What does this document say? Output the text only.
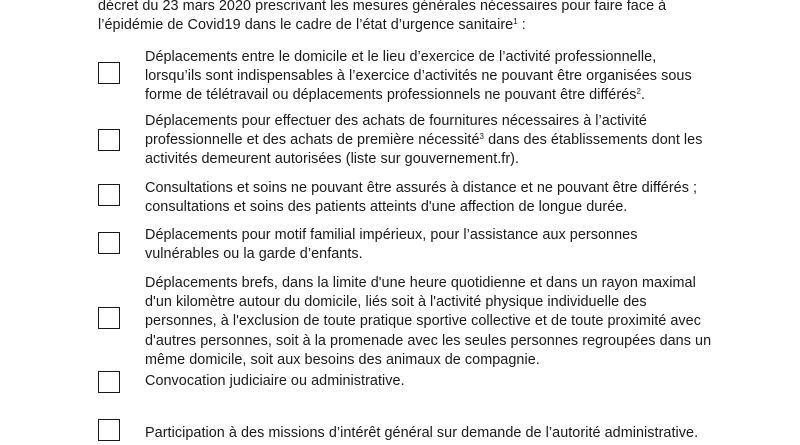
décret du 23 mars 2020 prescrivant les mesures générales nécessaires pour faire face à

l’épidémie de Covid19 dans le cadre de l’état d’urgence sanitaire$^1$ :

Déplacements entre le domicile et le lieu d’exercice de l’activité professionnelle,
lorsqu’ils sont indispensables à l’exercice d’activités ne pouvant être organisées sous
forme de télétravail ou déplacements professionnels ne pouvant être différés$^2$.
Déplacements pour effectuer des achats de fournitures nécessaires à l’activité
professionnelle et des achats de première nécessité$^3$ dans des établissements dont les
activités demeurent autorisées (liste sur gouvernement.fr).
Consultations et soins ne pouvant être assurés à distance et ne pouvant être différés ;
consultations et soins des patients atteints d'une affection de longue durée.
Déplacements pour motif familial impérieux, pour l’assistance aux personnes
vulnérables ou la garde d’enfants.
Déplacements brefs, dans la limite d'une heure quotidienne et dans un rayon maximal
d'un kilomètre autour du domicile, liés soit à l'activité physique individuelle des
personnes, à l'exclusion de toute pratique sportive collective et de toute proximité avec
d'autres personnes, soit à la promenade avec les seules personnes regroupées dans un
même domicile, soit aux besoins des animaux de compagnie.
Convocation judiciaire ou administrative.
Participation à des missions d’intérêt général sur demande de l’autorité administrative.
